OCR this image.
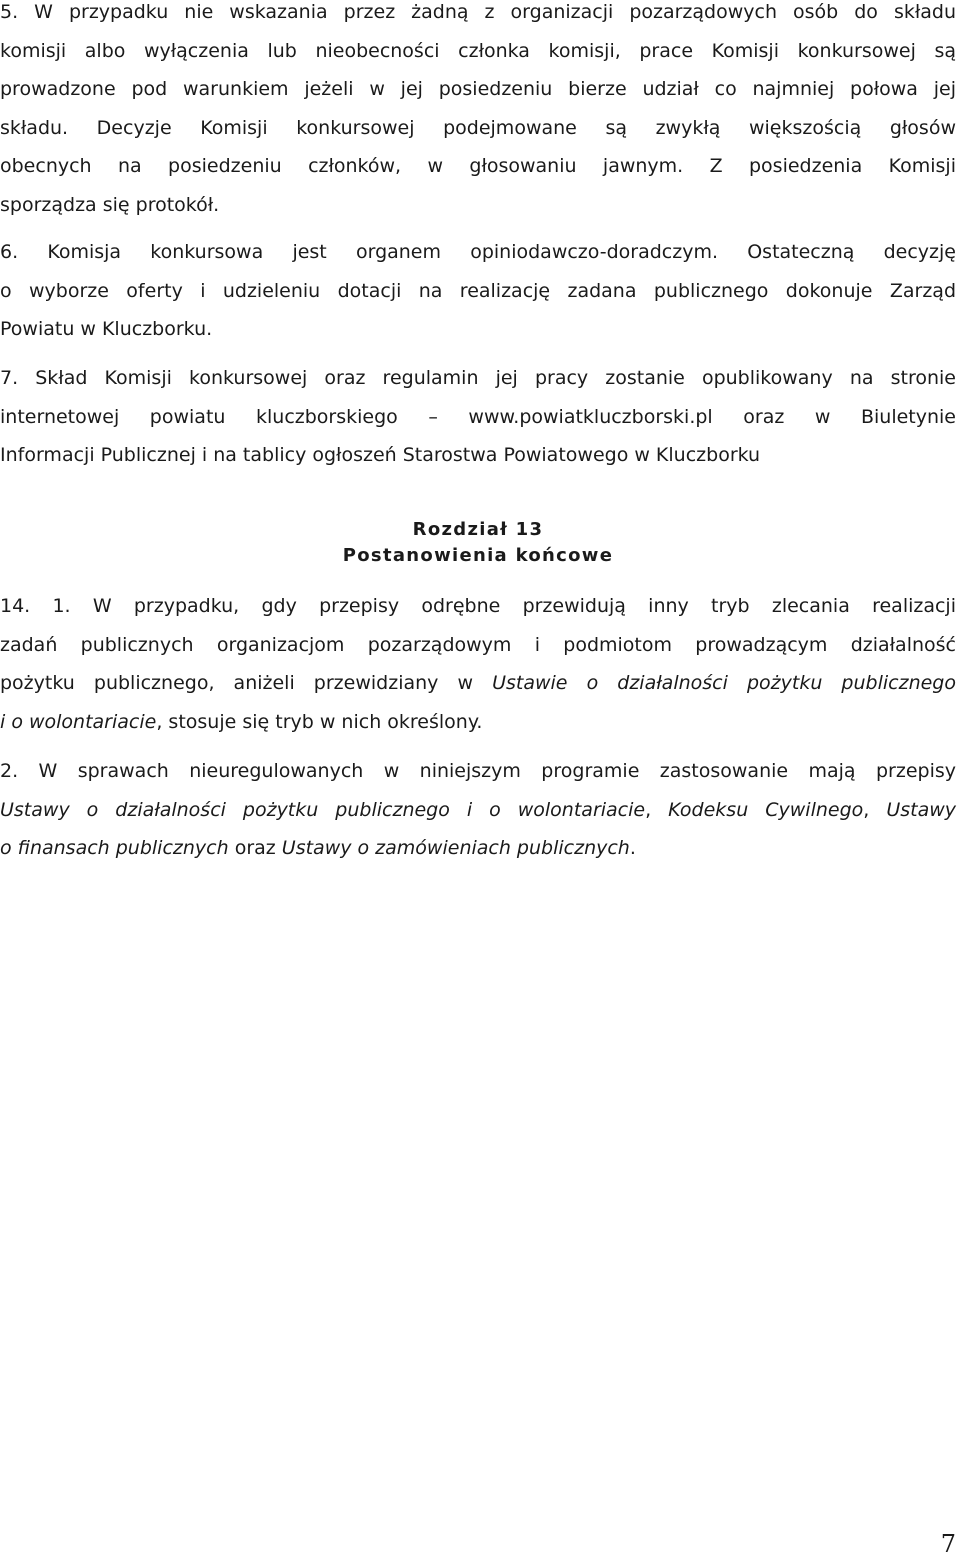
5. W przypadku nie wskazania przez żadną z organizacji pozarządowych osób do składu
komisji albo wyłączenia lub nieobecności członka komisji, prace Komisji konkursowej są
prowadzone pod warunkiem jeżeli w jej posiedzeniu bierze udział co najmniej połowa jej
składu. Decyzje Komisji konkursowej podejmowane są zwykłą większością głosów
obecnych na posiedzeniu członków, w głosowaniu jawnym. Z posiedzenia Komisji
sporządza się protokół.
6. Komisja konkursowa jest organem opiniodawczo-doradczym. Ostateczną decyzję
o wyborze oferty i udzieleniu dotacji na realizację zadana publicznego dokonuje Zarząd
Powiatu w Kluczborku.
7. Skład Komisji konkursowej oraz regulamin jej pracy zostanie opublikowany na stronie
internetowej powiatu kluczborskiego – www.powiatkluczborski.pl oraz w Biuletynie
Informacji Publicznej i na tablicy ogłoszeń Starostwa Powiatowego w Kluczborku
Rozdział 13
Postanowienia końcowe
14. 1. W przypadku, gdy przepisy odrębne przewidują inny tryb zlecania realizacji
zadań publicznych organizacjom pozarządowym i podmiotom prowadzącym działalność
pożytku publicznego, aniżeli przewidziany w Ustawie o działalności pożytku publicznego
i o wolontariacie, stosuje się tryb w nich określony.
2. W sprawach nieuregulowanych w niniejszym programie zastosowanie mają przepisy
Ustawy o działalności pożytku publicznego i o wolontariacie, Kodeksu Cywilnego, Ustawy
o finansach publicznych oraz Ustawy o zamówieniach publicznych.
7
